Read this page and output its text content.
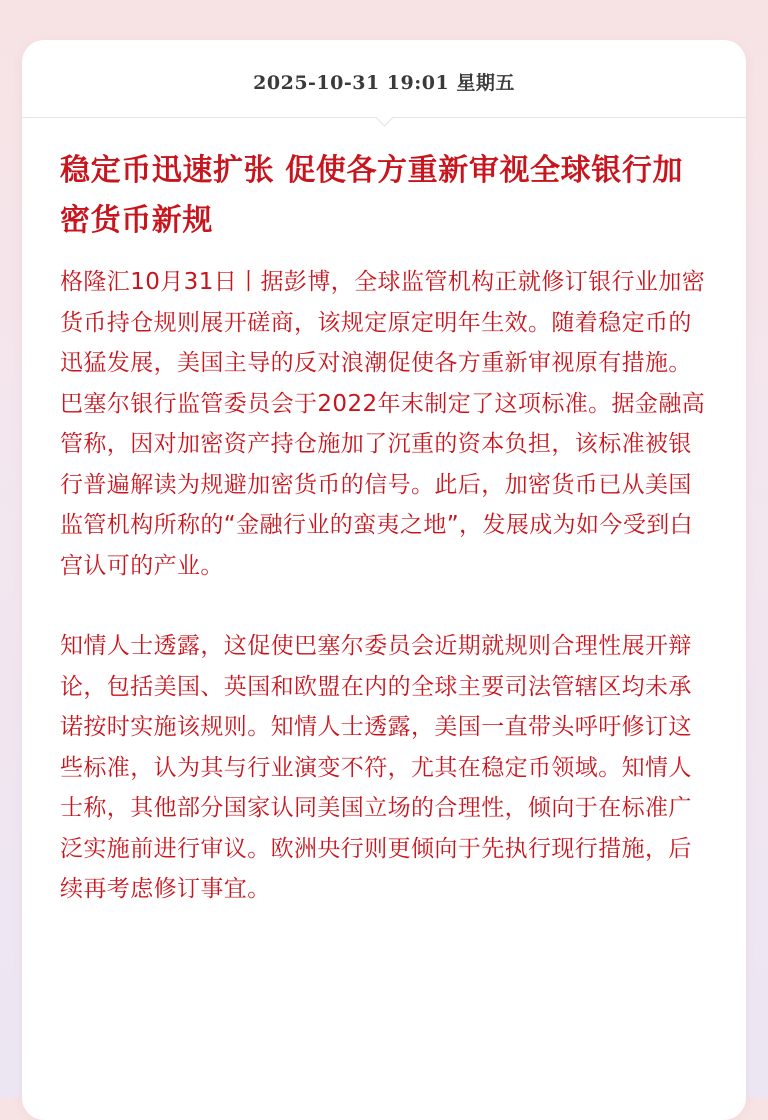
2025-10-31 19:01 星期五
稳定币迅速扩张 促使各方重新审视全球银行加密货币新规

格隆汇10月31日丨据彭博，全球监管机构正就修订银行业加密货币持仓规则展开磋商，该规定原定明年生效。随着稳定币的迅猛发展，美国主导的反对浪潮促使各方重新审视原有措施。巴塞尔银行监管委员会于2022年末制定了这项标准。据金融高管称，因对加密资产持仓施加了沉重的资本负担，该标准被银行普遍解读为规避加密货币的信号。此后，加密货币已从美国监管机构所称的“金融行业的蛮夷之地”，发展成为如今受到白宫认可的产业。

知情人士透露，这促使巴塞尔委员会近期就规则合理性展开辩论，包括美国、英国和欧盟在内的全球主要司法管辖区均未承诺按时实施该规则。知情人士透露，美国一直带头呼吁修订这些标准，认为其与行业演变不符，尤其在稳定币领域。知情人士称，其他部分国家认同美国立场的合理性，倾向于在标准广泛实施前进行审议。欧洲央行则更倾向于先执行现行措施，后续再考虑修订事宜。
